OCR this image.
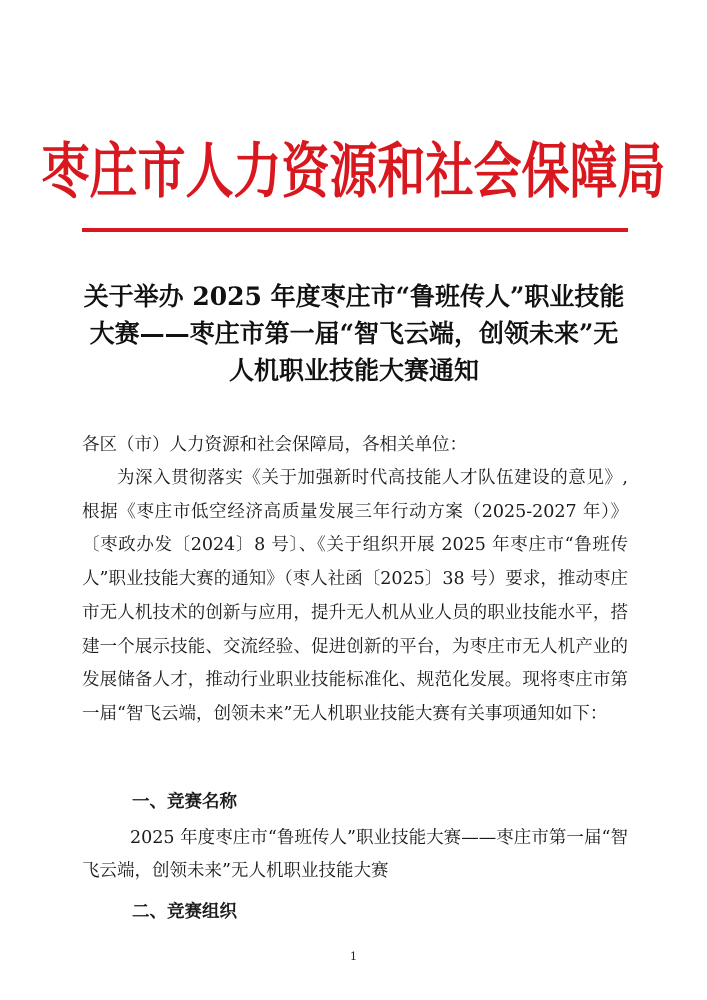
枣庄市人力资源和社会保障局
关于举办 2025 年度枣庄市“鲁班传人”职业技能大赛——枣庄市第一届“智飞云端，创领未来”无人机职业技能大赛通知
各区（市）人力资源和社会保障局，各相关单位：
为深入贯彻落实《关于加强新时代高技能人才队伍建设的意见》,根据《枣庄市低空经济高质量发展三年行动方案（2025-2027 年）》〔枣政办发〔2024〕8 号〕、《关于组织开展 2025 年枣庄市“鲁班传人”职业技能大赛的通知》（枣人社函〔2025〕38 号）要求，推动枣庄市无人机技术的创新与应用，提升无人机从业人员的职业技能水平，搭建一个展示技能、交流经验、促进创新的平台，为枣庄市无人机产业的发展储备人才，推动行业职业技能标准化、规范化发展。现将枣庄市第一届“智飞云端，创领未来”无人机职业技能大赛有关事项通知如下：
一、竞赛名称
2025 年度枣庄市“鲁班传人”职业技能大赛——枣庄市第一届“智飞云端，创领未来”无人机职业技能大赛
二、竞赛组织
1
